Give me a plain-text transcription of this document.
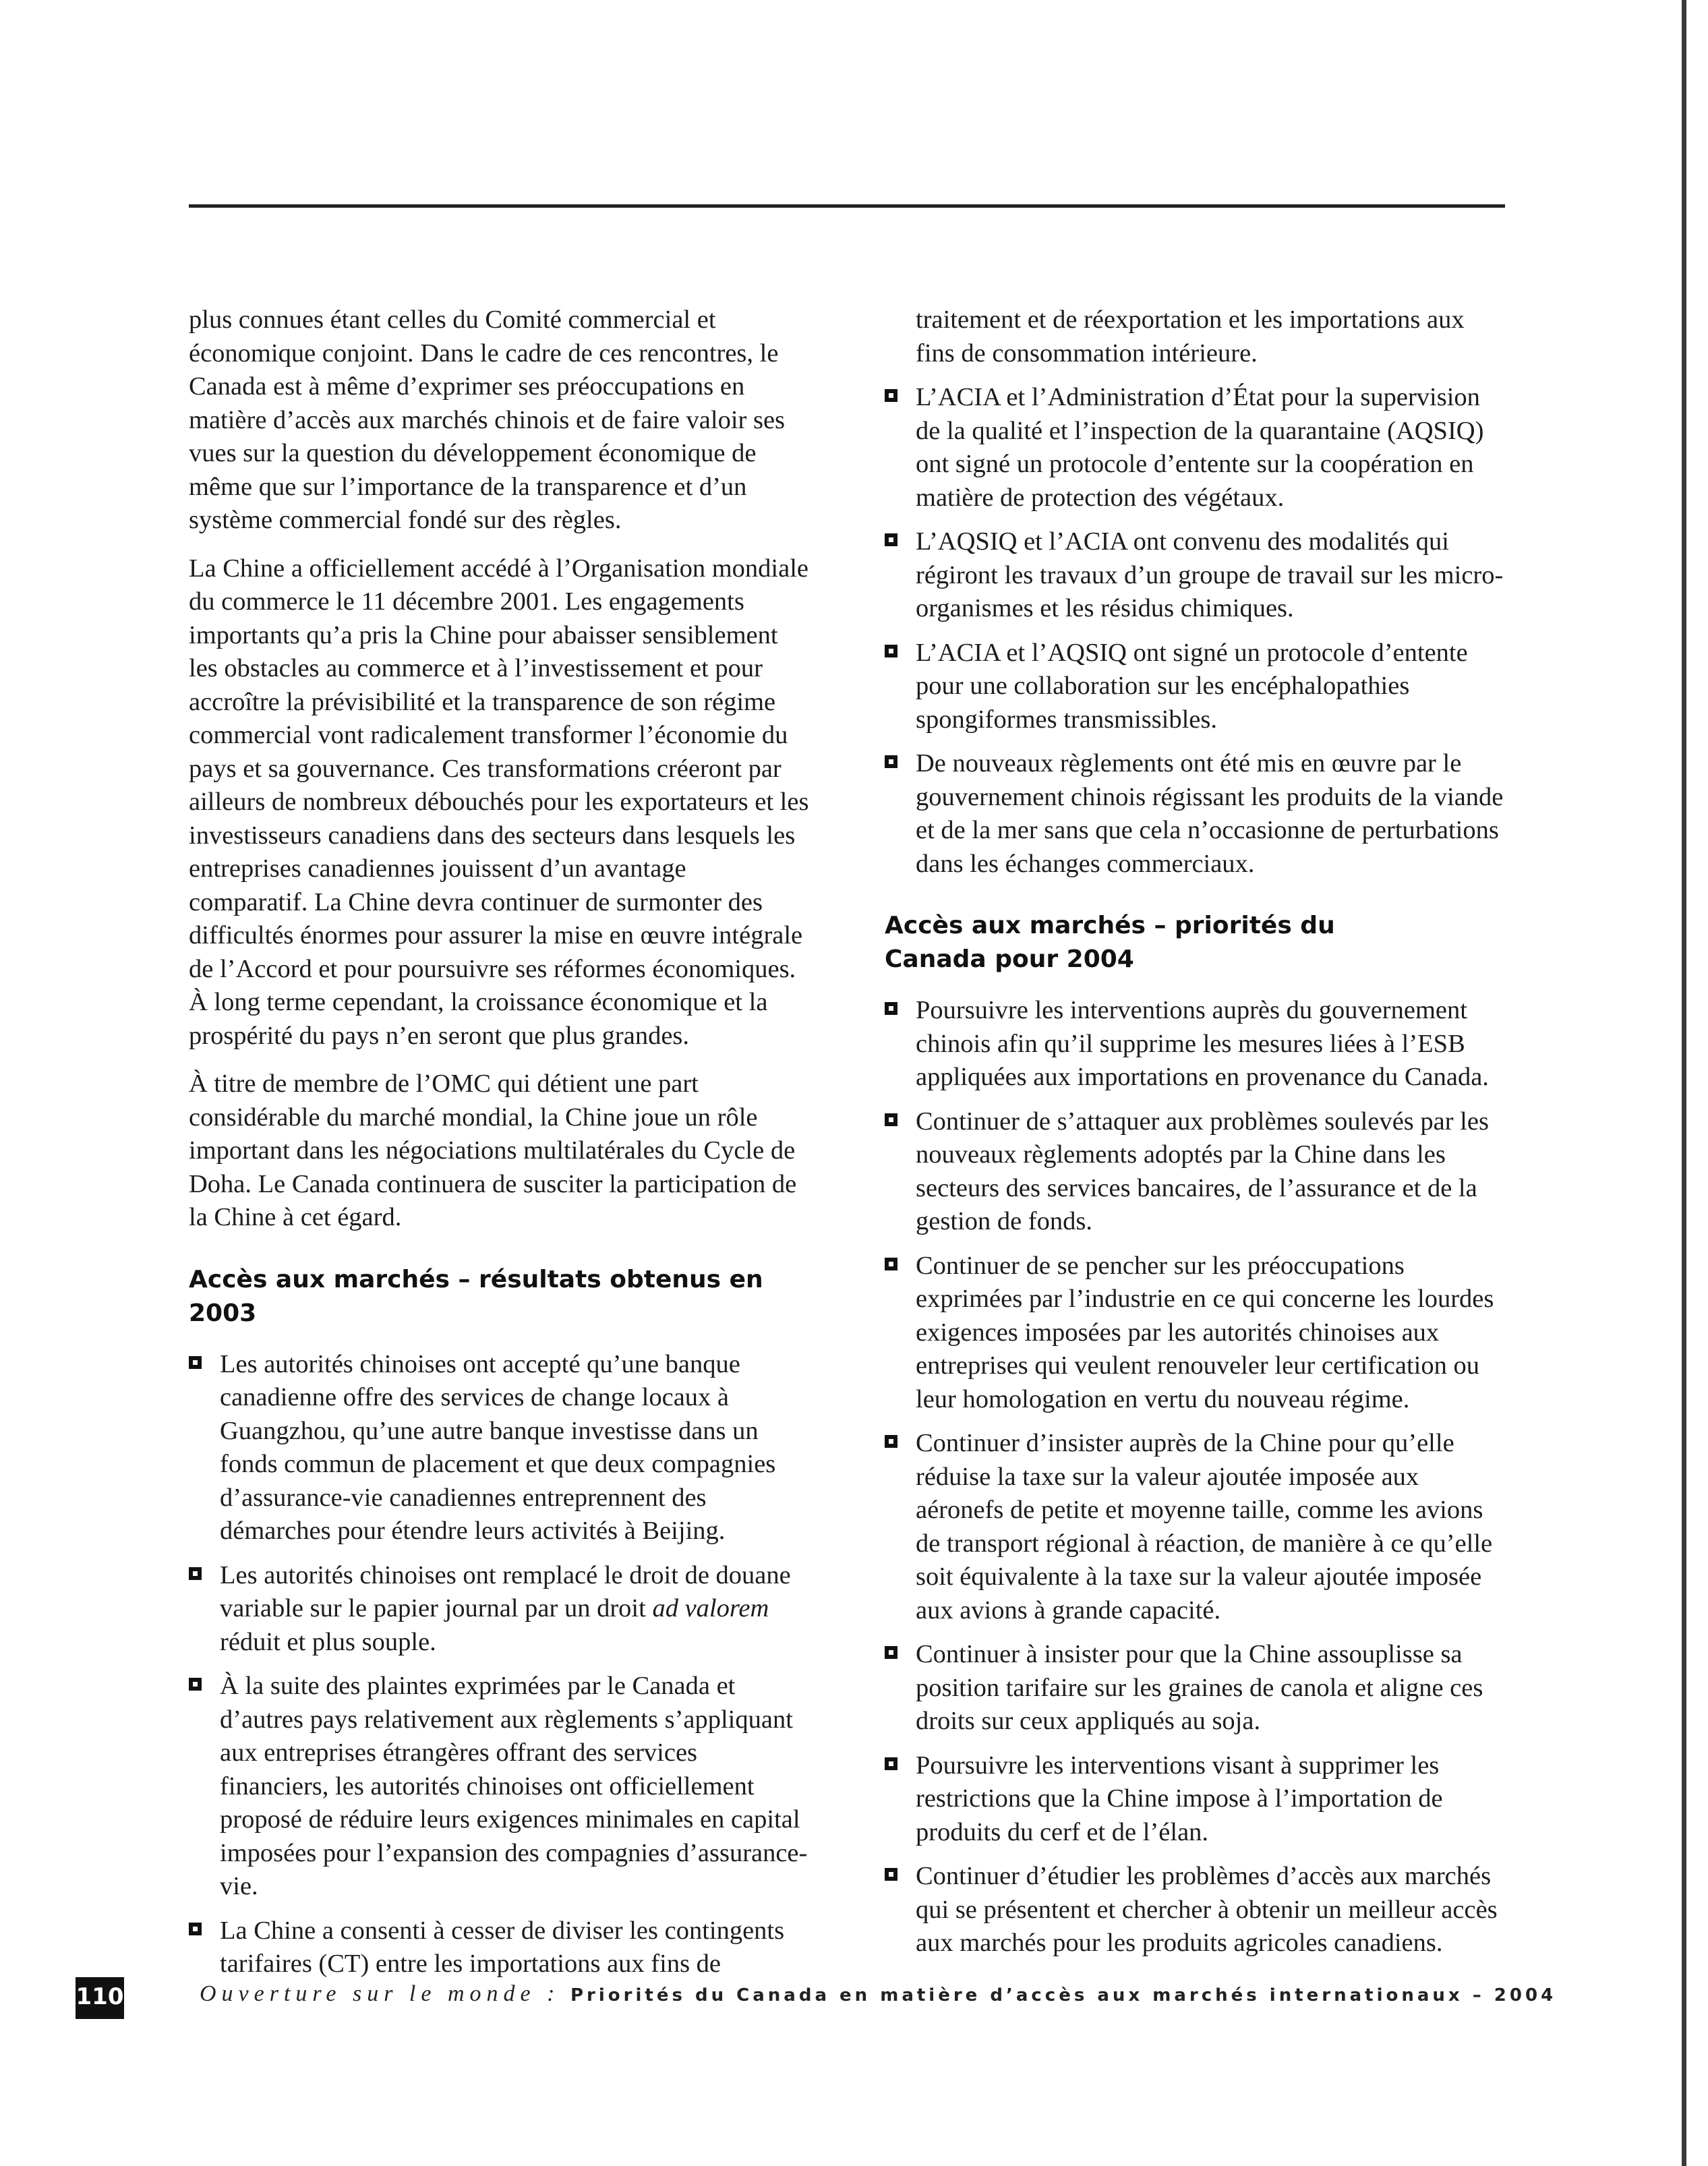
plus connues étant celles du Comité commercial et économique conjoint. Dans le cadre de ces rencontres, le Canada est à même d’exprimer ses préoccupations en matière d’accès aux marchés chinois et de faire valoir ses vues sur la question du développement économique de même que sur l’importance de la transparence et d’un système commercial fondé sur des règles.

La Chine a officiellement accédé à l’Organisation mondiale du commerce le 11 décembre 2001. Les engagements importants qu’a pris la Chine pour abaisser sensiblement les obstacles au commerce et à l’investissement et pour accroître la prévisibilité et la transparence de son régime commercial vont radicalement transformer l’économie du pays et sa gouvernance. Ces transformations créeront par ailleurs de nombreux débouchés pour les exportateurs et les investisseurs canadiens dans des secteurs dans lesquels les entreprises canadiennes jouissent d’un avantage comparatif. La Chine devra continuer de surmonter des difficultés énormes pour assurer la mise en œuvre intégrale de l’Accord et pour poursuivre ses réformes économiques. À long terme cependant, la croissance économique et la prospérité du pays n’en seront que plus grandes.

À titre de membre de l’OMC qui détient une part considérable du marché mondial, la Chine joue un rôle important dans les négociations multilatérales du Cycle de Doha. Le Canada continuera de susciter la participation de la Chine à cet égard.

Accès aux marchés – résultats obtenus en 2003
Les autorités chinoises ont accepté qu’une banque canadienne offre des services de change locaux à Guangzhou, qu’une autre banque investisse dans un fonds commun de placement et que deux compagnies d’assurance-vie canadiennes entreprennent des démarches pour étendre leurs activités à Beijing.
Les autorités chinoises ont remplacé le droit de douane variable sur le papier journal par un droit ad valorem réduit et plus souple.
À la suite des plaintes exprimées par le Canada et d’autres pays relativement aux règlements s’appliquant aux entreprises étrangères offrant des services financiers, les autorités chinoises ont officiellement proposé de réduire leurs exigences minimales en capital imposées pour l’expansion des compagnies d’assurance-vie.
La Chine a consenti à cesser de diviser les contingents tarifaires (CT) entre les importations aux fins de

traitement et de réexportation et les importations aux fins de consommation intérieure.

L’ACIA et l’Administration d’État pour la supervision de la qualité et l’inspection de la quarantaine (AQSIQ) ont signé un protocole d’entente sur la coopération en matière de protection des végétaux.
L’AQSIQ et l’ACIA ont convenu des modalités qui régiront les travaux d’un groupe de travail sur les micro-organismes et les résidus chimiques.
L’ACIA et l’AQSIQ ont signé un protocole d’entente pour une collaboration sur les encéphalopathies spongiformes transmissibles.
De nouveaux règlements ont été mis en œuvre par le gouvernement chinois régissant les produits de la viande et de la mer sans que cela n’occasionne de perturbations dans les échanges commerciaux.
Accès aux marchés – priorités du
Canada pour 2004
Poursuivre les interventions auprès du gouvernement chinois afin qu’il supprime les mesures liées à l’ESB appliquées aux importations en provenance du Canada.
Continuer de s’attaquer aux problèmes soulevés par les nouveaux règlements adoptés par la Chine dans les secteurs des services bancaires, de l’assurance et de la gestion de fonds.
Continuer de se pencher sur les préoccupations exprimées par l’industrie en ce qui concerne les lourdes exigences imposées par les autorités chinoises aux entreprises qui veulent renouveler leur certification ou leur homologation en vertu du nouveau régime.
Continuer d’insister auprès de la Chine pour qu’elle réduise la taxe sur la valeur ajoutée imposée aux aéronefs de petite et moyenne taille, comme les avions de transport régional à réaction, de manière à ce qu’elle soit équivalente à la taxe sur la valeur ajoutée imposée aux avions à grande capacité.
Continuer à insister pour que la Chine assouplisse sa position tarifaire sur les graines de canola et aligne ces droits sur ceux appliqués au soja.
Poursuivre les interventions visant à supprimer les restrictions que la Chine impose à l’importation de produits du cerf et de l’élan.
Continuer d’étudier les problèmes d’accès aux marchés qui se présentent et chercher à obtenir un meilleur accès aux marchés pour les produits agricoles canadiens.
110	Ouverture sur le monde : Priorités du Canada en matière d’accès aux marchés internationaux – 2004
